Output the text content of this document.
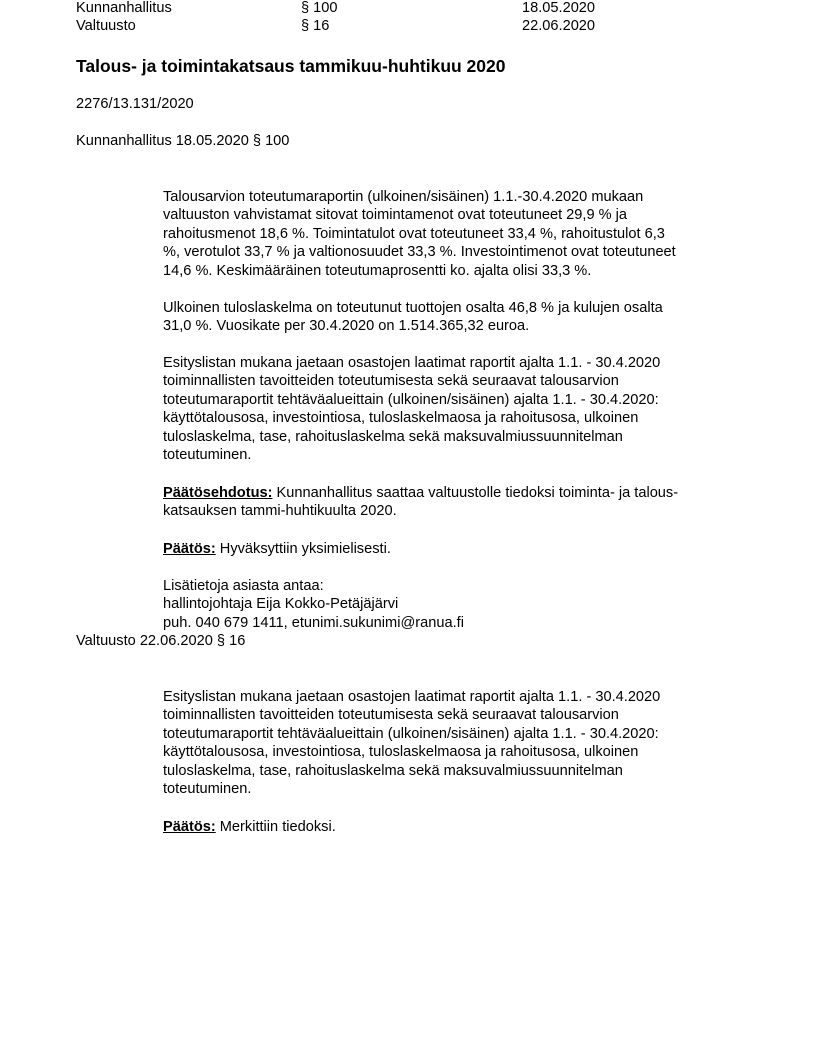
Kunnanhallitus	§ 100	18.05.2020
Valtuusto	§ 16	22.06.2020
Talous- ja toimintakatsaus tammikuu-huhtikuu 2020
2276/13.131/2020
Kunnanhallitus 18.05.2020 § 100

Talousarvion toteutumaraportin (ulkoinen/sisäinen) 1.1.-30.4.2020 mukaan
valtuuston vahvistamat sitovat toimintamenot ovat toteutuneet 29,9 % ja
rahoitusmenot 18,6 %. Toimintatulot ovat toteutuneet 33,4 %, rahoitustulot 6,3
%, verotulot 33,7 % ja valtionosuudet 33,3 %. Investointimenot ovat toteutuneet
14,6 %. Keskimääräinen toteutumaprosentti ko. ajalta olisi 33,3 %.

Ulkoinen tuloslaskelma on toteutunut tuottojen osalta 46,8 % ja kulujen osalta
31,0 %. Vuosikate per 30.4.2020 on 1.514.365,32 euroa.

Esityslistan mukana jaetaan osastojen laatimat raportit ajalta 1.1. - 30.4.2020
toiminnallisten tavoitteiden toteutumisesta sekä seuraavat talousarvion
toteutumaraportit tehtäväalueittain (ulkoinen/sisäinen) ajalta 1.1. - 30.4.2020:
käyttötalousosa, investointiosa, tuloslaskelmaosa ja rahoitusosa, ulkoinen
tuloslaskelma, tase, rahoituslaskelma sekä maksuvalmiussuunnitelman
toteutuminen.

Päätösehdotus: Kunnanhallitus saattaa valtuustolle tiedoksi toiminta- ja talous-
katsauksen tammi-huhtikuulta 2020.

Päätös: Hyväksyttiin yksimielisesti.

Lisätietoja asiasta antaa:
hallintojohtaja Eija Kokko-Petäjäjärvi
puh. 040 679 1411, etunimi.sukunimi@ranua.fi

Valtuusto 22.06.2020 § 16

Esityslistan mukana jaetaan osastojen laatimat raportit ajalta 1.1. - 30.4.2020
toiminnallisten tavoitteiden toteutumisesta sekä seuraavat talousarvion
toteutumaraportit tehtäväalueittain (ulkoinen/sisäinen) ajalta 1.1. - 30.4.2020:
käyttötalousosa, investointiosa, tuloslaskelmaosa ja rahoitusosa, ulkoinen
tuloslaskelma, tase, rahoituslaskelma sekä maksuvalmiussuunnitelman
toteutuminen.

Päätös: Merkittiin tiedoksi.
